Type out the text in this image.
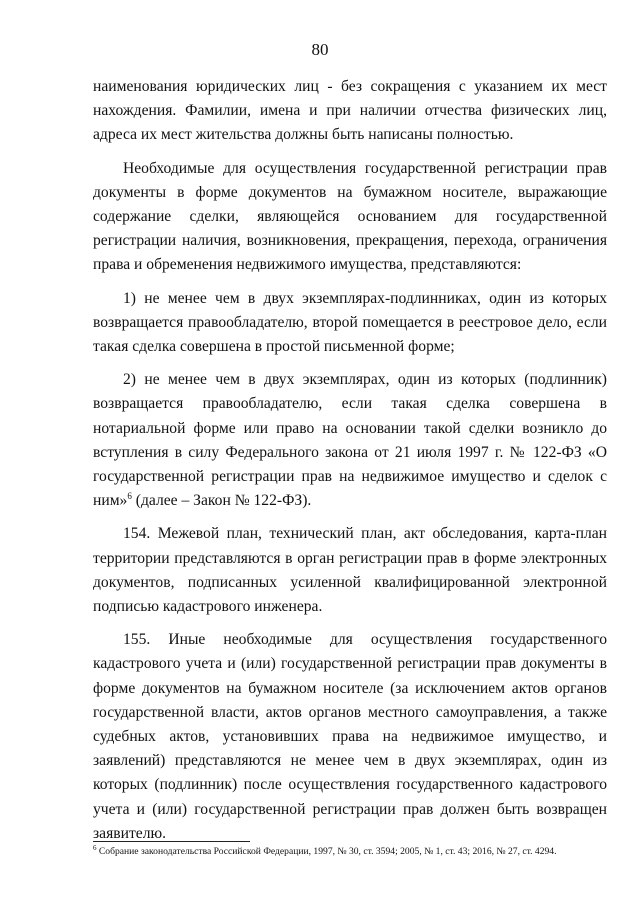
80

наименования юридических лиц - без сокращения с указанием их мест нахождения. Фамилии, имена и при наличии отчества физических лиц, адреса их мест жительства должны быть написаны полностью.

Необходимые для осуществления государственной регистрации прав документы в форме документов на бумажном носителе, выражающие содержание сделки, являющейся основанием для государственной регистрации наличия, возникновения, прекращения, перехода, ограничения права и обременения недвижимого имущества, представляются:

1) не менее чем в двух экземплярах-подлинниках, один из которых возвращается правообладателю, второй помещается в реестровое дело, если такая сделка совершена в простой письменной форме;

2) не менее чем в двух экземплярах, один из которых (подлинник) возвращается правообладателю, если такая сделка совершена в нотариальной форме или право на основании такой сделки возникло до вступления в силу Федерального закона от 21 июля 1997 г. № 122-ФЗ «О государственной регистрации прав на недвижимое имущество и сделок с ним»$^6$ (далее – Закон № 122-ФЗ).

154. Межевой план, технический план, акт обследования, карта-план территории представляются в орган регистрации прав в форме электронных документов, подписанных усиленной квалифицированной электронной подписью кадастрового инженера.

155. Иные необходимые для осуществления государственного кадастрового учета и (или) государственной регистрации прав документы в форме документов на бумажном носителе (за исключением актов органов государственной власти, актов органов местного самоуправления, а также судебных актов, установивших права на недвижимое имущество, и заявлений) представляются не менее чем в двух экземплярах, один из которых (подлинник) после осуществления государственного кадастрового учета и (или) государственной регистрации прав должен быть возвращен заявителю.

$^6$ Собрание законодательства Российской Федерации, 1997, № 30, ст. 3594; 2005, № 1, ст. 43; 2016, № 27, ст. 4294.
